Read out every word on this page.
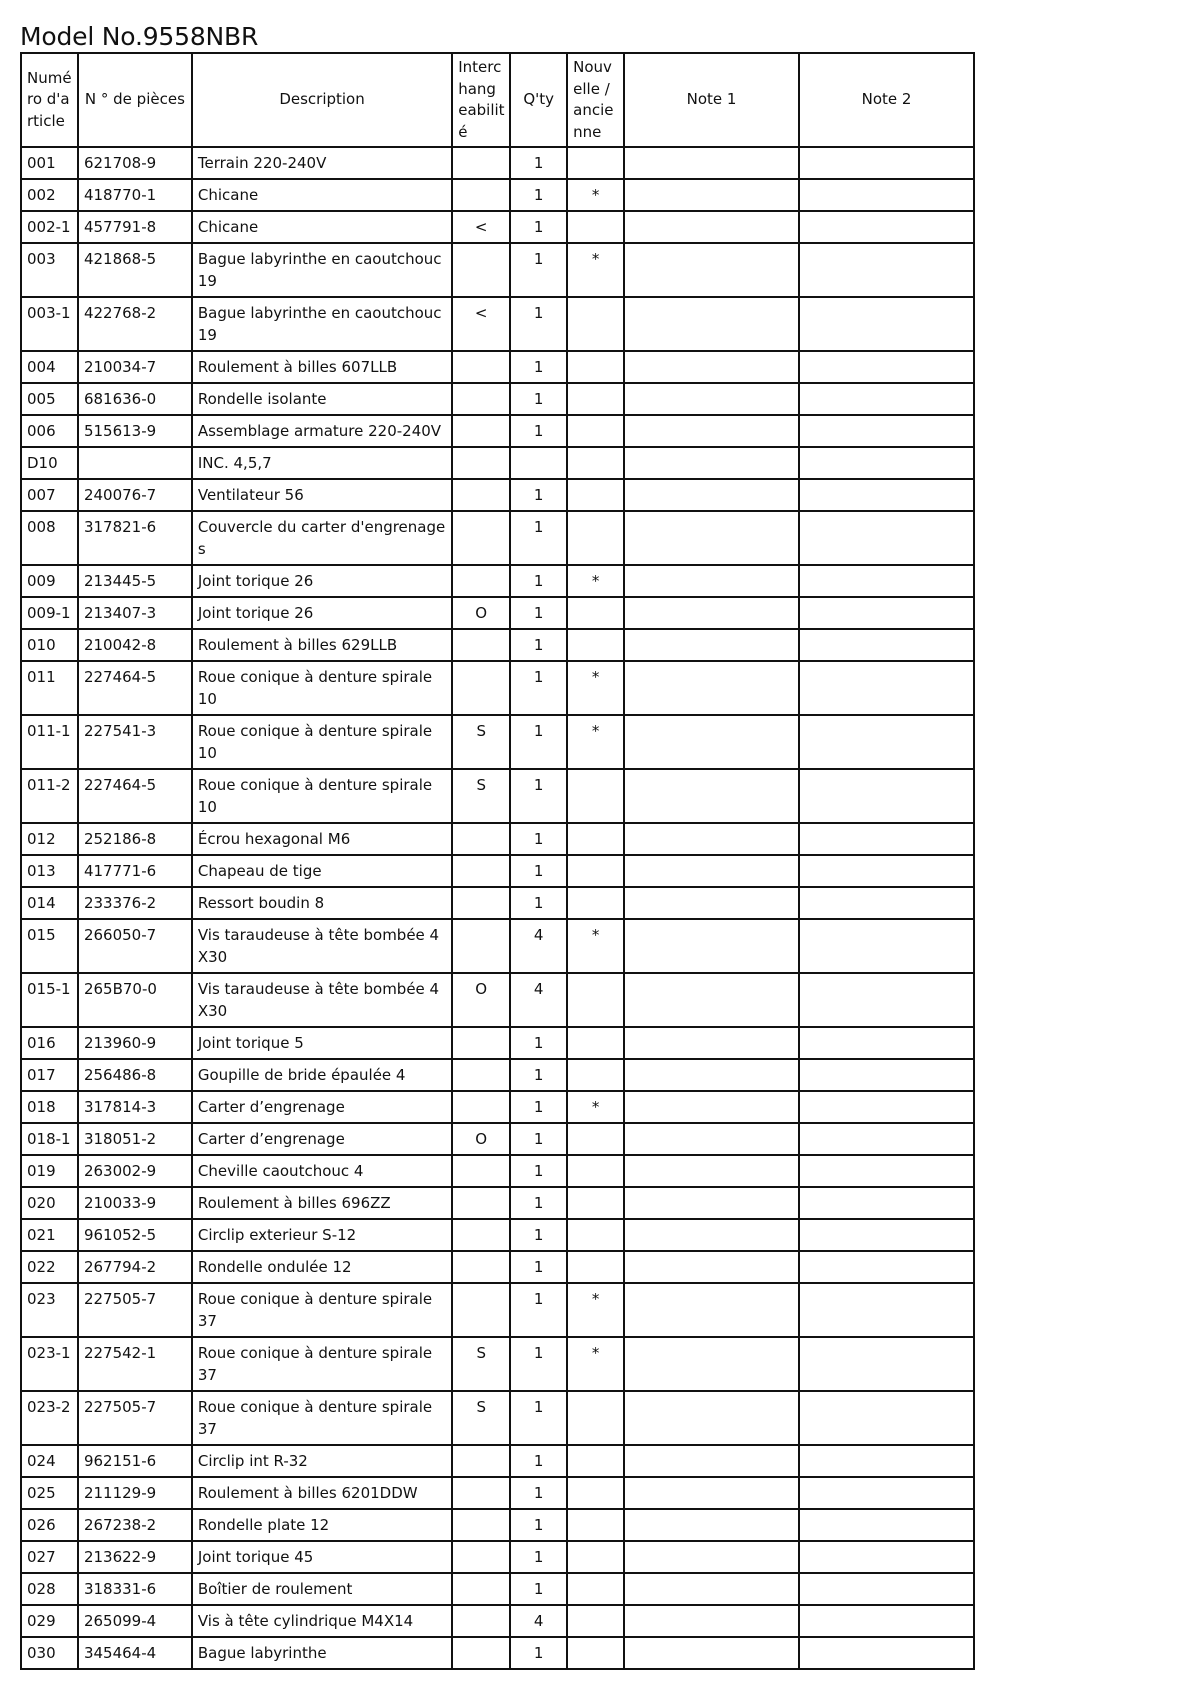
Model No.9558NBR
Numé ro d'a rticle	N ° de pièces	Description	Interc hang eabilit é	Q'ty	Nouv elle / ancie nne	Note 1	Note 2

001	621708-9	Terrain 220-240V		1			

002	418770-1	Chicane		1	*		

002-1	457791-8	Chicane	<	1			

003	421868-5	Bague labyrinthe en caoutchouc 19		1	*		

003-1	422768-2	Bague labyrinthe en caoutchouc 19	<	1			

004	210034-7	Roulement à billes 607LLB		1			

005	681636-0	Rondelle isolante		1			

006	515613-9	Assemblage armature 220-240V		1			

D10		INC. 4,5,7					

007	240076-7	Ventilateur 56		1			

008	317821-6	Couvercle du carter d'engrenages		1			

009	213445-5	Joint torique 26		1	*		

009-1	213407-3	Joint torique 26	O	1			

010	210042-8	Roulement à billes 629LLB		1			

011	227464-5	Roue conique à denture spirale 10		1	*		

011-1	227541-3	Roue conique à denture spirale 10	S	1	*		

011-2	227464-5	Roue conique à denture spirale 10	S	1			

012	252186-8	Écrou hexagonal M6		1			

013	417771-6	Chapeau de tige		1			

014	233376-2	Ressort boudin 8		1			

015	266050-7	Vis taraudeuse à tête bombée 4X30		4	*		

015-1	265B70-0	Vis taraudeuse à tête bombée 4X30	O	4			

016	213960-9	Joint torique 5		1			

017	256486-8	Goupille de bride épaulée 4		1			

018	317814-3	Carter d’engrenage		1	*		

018-1	318051-2	Carter d’engrenage	O	1			

019	263002-9	Cheville caoutchouc 4		1			

020	210033-9	Roulement à billes 696ZZ		1			

021	961052-5	Circlip exterieur S-12		1			

022	267794-2	Rondelle ondulée 12		1			

023	227505-7	Roue conique à denture spirale 37		1	*		

023-1	227542-1	Roue conique à denture spirale 37	S	1	*		

023-2	227505-7	Roue conique à denture spirale 37	S	1			

024	962151-6	Circlip int R-32		1			

025	211129-9	Roulement à billes 6201DDW		1			

026	267238-2	Rondelle plate 12		1			

027	213622-9	Joint torique 45		1			

028	318331-6	Boîtier de roulement		1			

029	265099-4	Vis à tête cylindrique M4X14		4			

030	345464-4	Bague labyrinthe		1			
